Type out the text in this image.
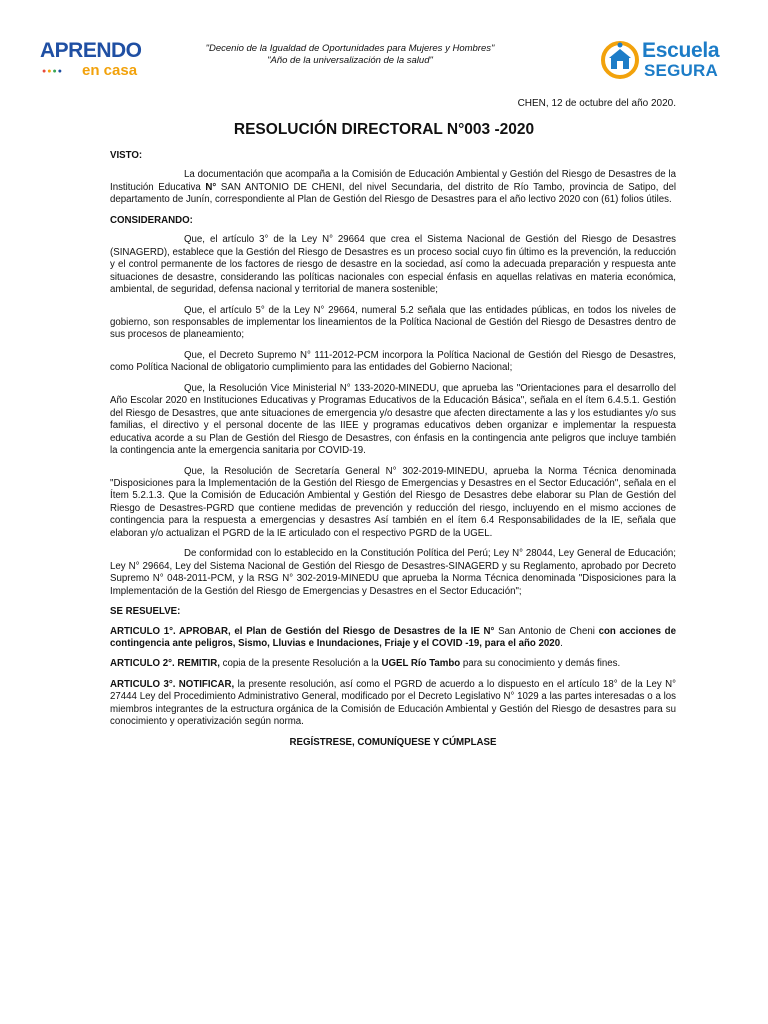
APRENDO
●●●● en casa
"Decenio de la Igualdad de Oportunidades para Mujeres y Hombres"
"Año de la universalización de la salud"	Escuela
SEGURA
CHEN, 12 de octubre del año 2020.
RESOLUCIÓN DIRECTORAL N°003 -2020

VISTO:

La documentación que acompaña a la Comisión de Educación Ambiental y Gestión del Riesgo de Desastres de la Institución Educativa N° SAN ANTONIO DE CHENI, del nivel Secundaria, del distrito de Río Tambo, provincia de Satipo, del departamento de Junín, correspondiente al Plan de Gestión del Riesgo de Desastres para el año lectivo 2020 con (61) folios útiles.

CONSIDERANDO:

Que, el artículo 3° de la Ley N° 29664 que crea el Sistema Nacional de Gestión del Riesgo de Desastres (SINAGERD), establece que la Gestión del Riesgo de Desastres es un proceso social cuyo fin último es la prevención, la reducción y el control permanente de los factores de riesgo de desastre en la sociedad, así como la adecuada preparación y respuesta ante situaciones de desastre, considerando las políticas nacionales con especial énfasis en aquellas relativas en materia económica, ambiental, de seguridad, defensa nacional y territorial de manera sostenible;

Que, el artículo 5° de la Ley N° 29664, numeral 5.2 señala que las entidades públicas, en todos los niveles de gobierno, son responsables de implementar los lineamientos de la Política Nacional de Gestión del Riesgo de Desastres dentro de sus procesos de planeamiento;

Que, el Decreto Supremo N° 111-2012-PCM incorpora la Política Nacional de Gestión del Riesgo de Desastres, como Política Nacional de obligatorio cumplimiento para las entidades del Gobierno Nacional;

Que, la Resolución Vice Ministerial N° 133-2020-MINEDU, que aprueba las "Orientaciones para el desarrollo del Año Escolar 2020 en Instituciones Educativas y Programas Educativos de la Educación Básica", señala en el ítem 6.4.5.1. Gestión del Riesgo de Desastres, que ante situaciones de emergencia y/o desastre que afecten directamente a las y los estudiantes y/o sus familias, el directivo y el personal docente de las IIEE y programas educativos deben organizar e implementar la respuesta educativa acorde a su Plan de Gestión del Riesgo de Desastres, con énfasis en la contingencia ante peligros que incluye también la contingencia ante la emergencia sanitaria por COVID-19.

Que, la Resolución de Secretaría General N° 302-2019-MINEDU, aprueba la Norma Técnica denominada "Disposiciones para la Implementación de la Gestión del Riesgo de Emergencias y Desastres en el Sector Educación", señala en el Ítem 5.2.1.3. Que la Comisión de Educación Ambiental y Gestión del Riesgo de Desastres debe elaborar su Plan de Gestión del Riesgo de Desastres-PGRD que contiene medidas de prevención y reducción del riesgo, incluyendo en el mismo acciones de contingencia para la respuesta a emergencias y desastres Así también en el ítem 6.4 Responsabilidades de la IE, señala que elaboran y/o actualizan el PGRD de la IE articulado con el respectivo PGRD de la UGEL.

De conformidad con lo establecido en la Constitución Política del Perú; Ley N° 28044, Ley General de Educación; Ley N° 29664, Ley del Sistema Nacional de Gestión del Riesgo de Desastres-SINAGERD y su Reglamento, aprobado por Decreto Supremo N° 048-2011-PCM, y la RSG N° 302-2019-MINEDU que aprueba la Norma Técnica denominada "Disposiciones para la Implementación de la Gestión del Riesgo de Emergencias y Desastres en el Sector Educación";

SE RESUELVE:

ARTICULO 1°. APROBAR, el Plan de Gestión del Riesgo de Desastres de la IE N° San Antonio de Cheni con acciones de contingencia ante peligros, Sismo, Lluvias e Inundaciones, Friaje y el COVID -19, para el año 2020.

ARTICULO 2°. REMITIR, copia de la presente Resolución a la UGEL Río Tambo para su conocimiento y demás fines.

ARTICULO 3°. NOTIFICAR, la presente resolución, así como el PGRD de acuerdo a lo dispuesto en el artículo 18° de la Ley N° 27444 Ley del Procedimiento Administrativo General, modificado por el Decreto Legislativo N° 1029 a las partes interesadas o a los miembros integrantes de la estructura orgánica de la Comisión de Educación Ambiental y Gestión del Riesgo de desastres para su conocimiento y operativización según norma.

REGÍSTRESE, COMUNÍQUESE Y CÚMPLASE
